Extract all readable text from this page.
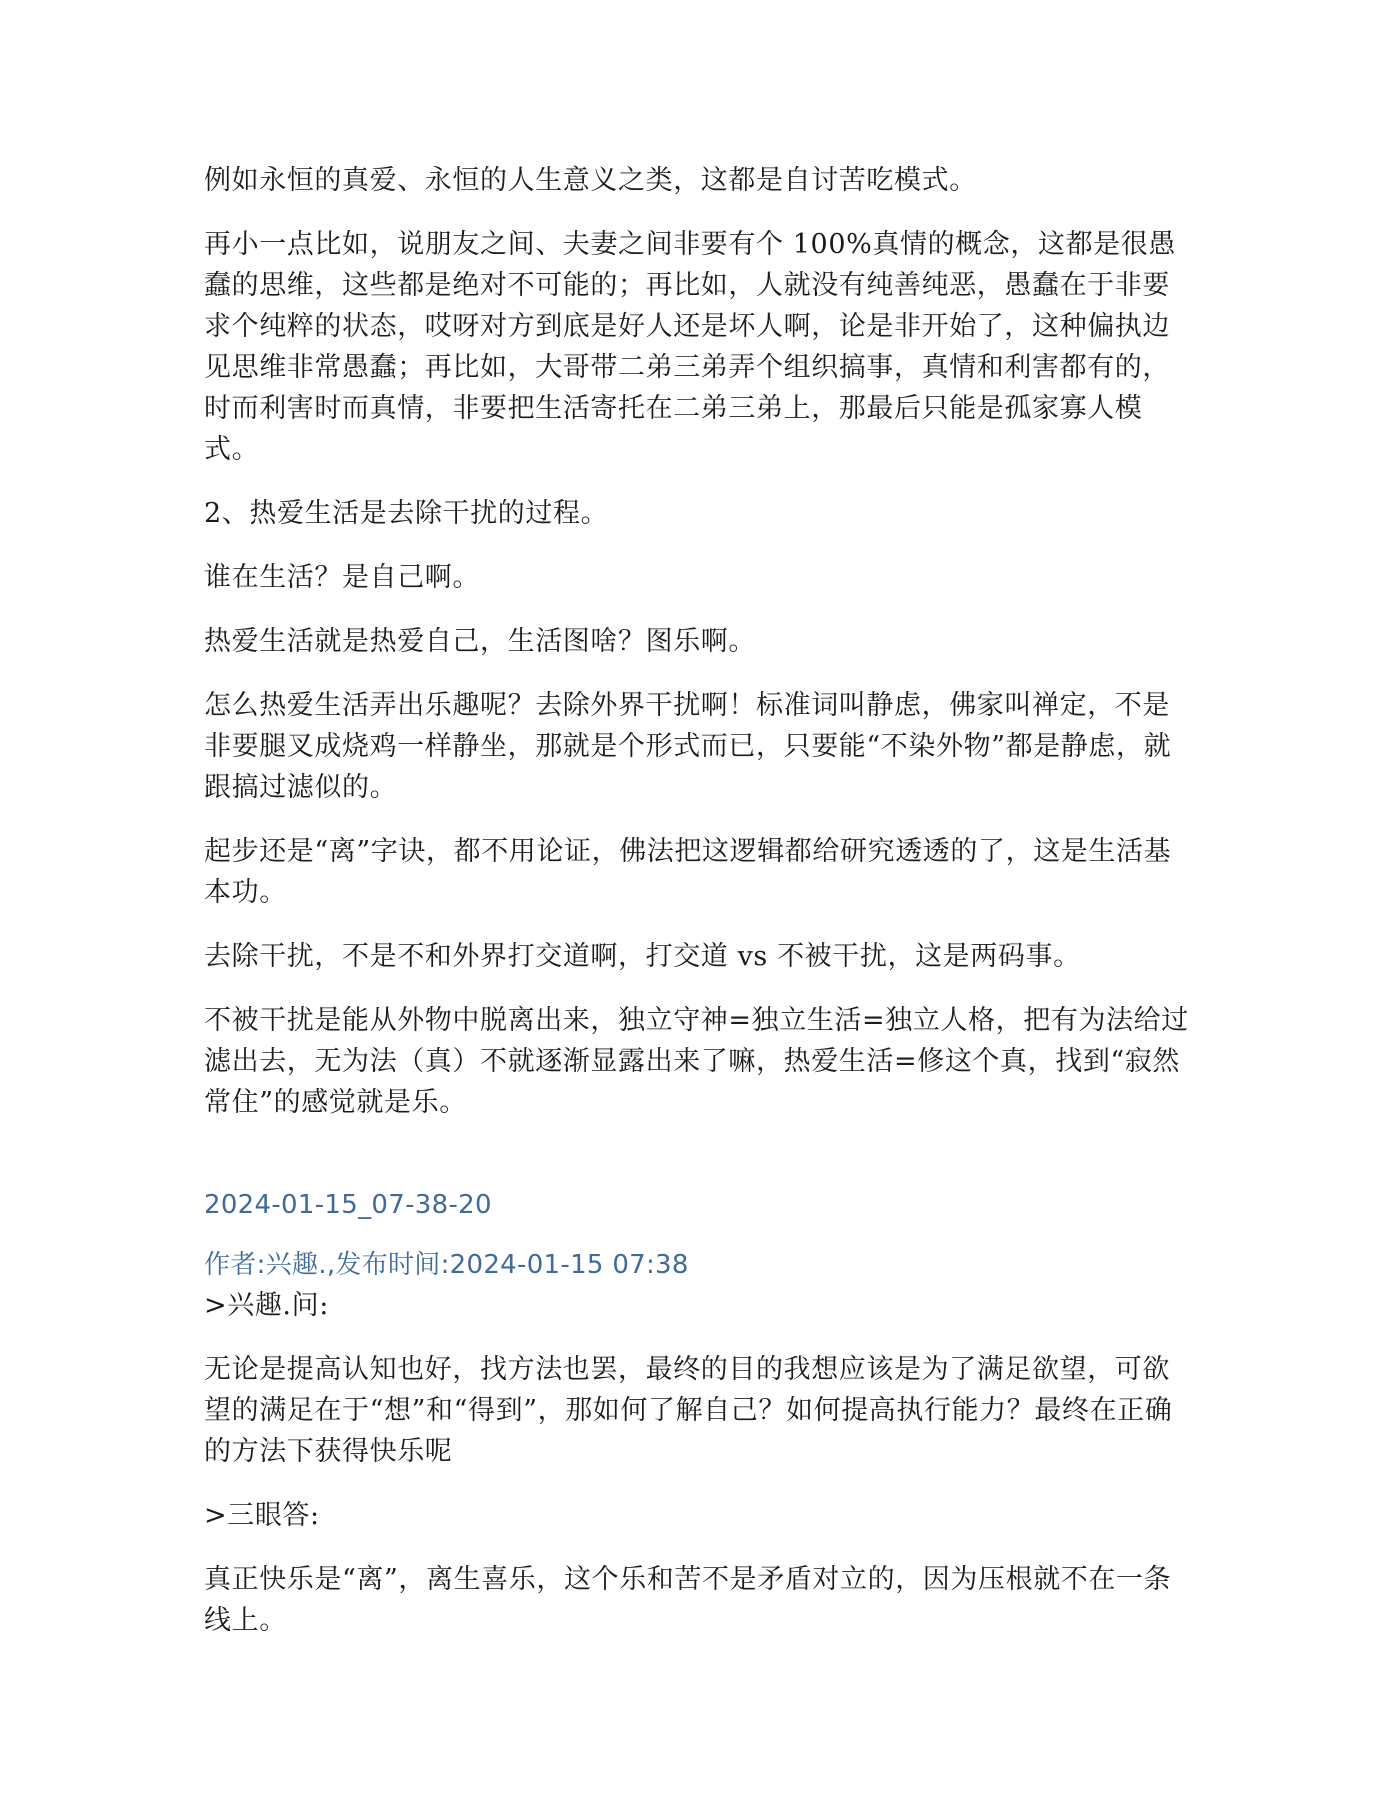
例如永恒的真爱、永恒的人生意义之类，这都是自讨苦吃模式。

再小一点比如，说朋友之间、夫妻之间非要有个 100%真情的概念，这都是很愚蠢的思维，这些都是绝对不可能的；再比如，人就没有纯善纯恶，愚蠢在于非要求个纯粹的状态，哎呀对方到底是好人还是坏人啊，论是非开始了，这种偏执边见思维非常愚蠢；再比如，大哥带二弟三弟弄个组织搞事，真情和利害都有的，时而利害时而真情，非要把生活寄托在二弟三弟上，那最后只能是孤家寡人模式。

2、热爱生活是去除干扰的过程。

谁在生活？是自己啊。

热爱生活就是热爱自己，生活图啥？图乐啊。

怎么热爱生活弄出乐趣呢？去除外界干扰啊！标准词叫静虑，佛家叫禅定，不是非要腿叉成烧鸡一样静坐，那就是个形式而已，只要能“不染外物”都是静虑，就跟搞过滤似的。

起步还是“离”字诀，都不用论证，佛法把这逻辑都给研究透透的了，这是生活基本功。

去除干扰，不是不和外界打交道啊，打交道 vs 不被干扰，这是两码事。

不被干扰是能从外物中脱离出来，独立守神=独立生活=独立人格，把有为法给过滤出去，无为法（真）不就逐渐显露出来了嘛，热爱生活=修这个真，找到“寂然常住”的感觉就是乐。

2024-01-15_07-38-20
作者:兴趣.,发布时间:2024-01-15 07:38

>兴趣.问:

无论是提高认知也好，找方法也罢，最终的目的我想应该是为了满足欲望，可欲望的满足在于“想”和“得到”，那如何了解自己？如何提高执行能力？最终在正确的方法下获得快乐呢

>三眼答:

真正快乐是“离”，离生喜乐，这个乐和苦不是矛盾对立的，因为压根就不在一条线上。
